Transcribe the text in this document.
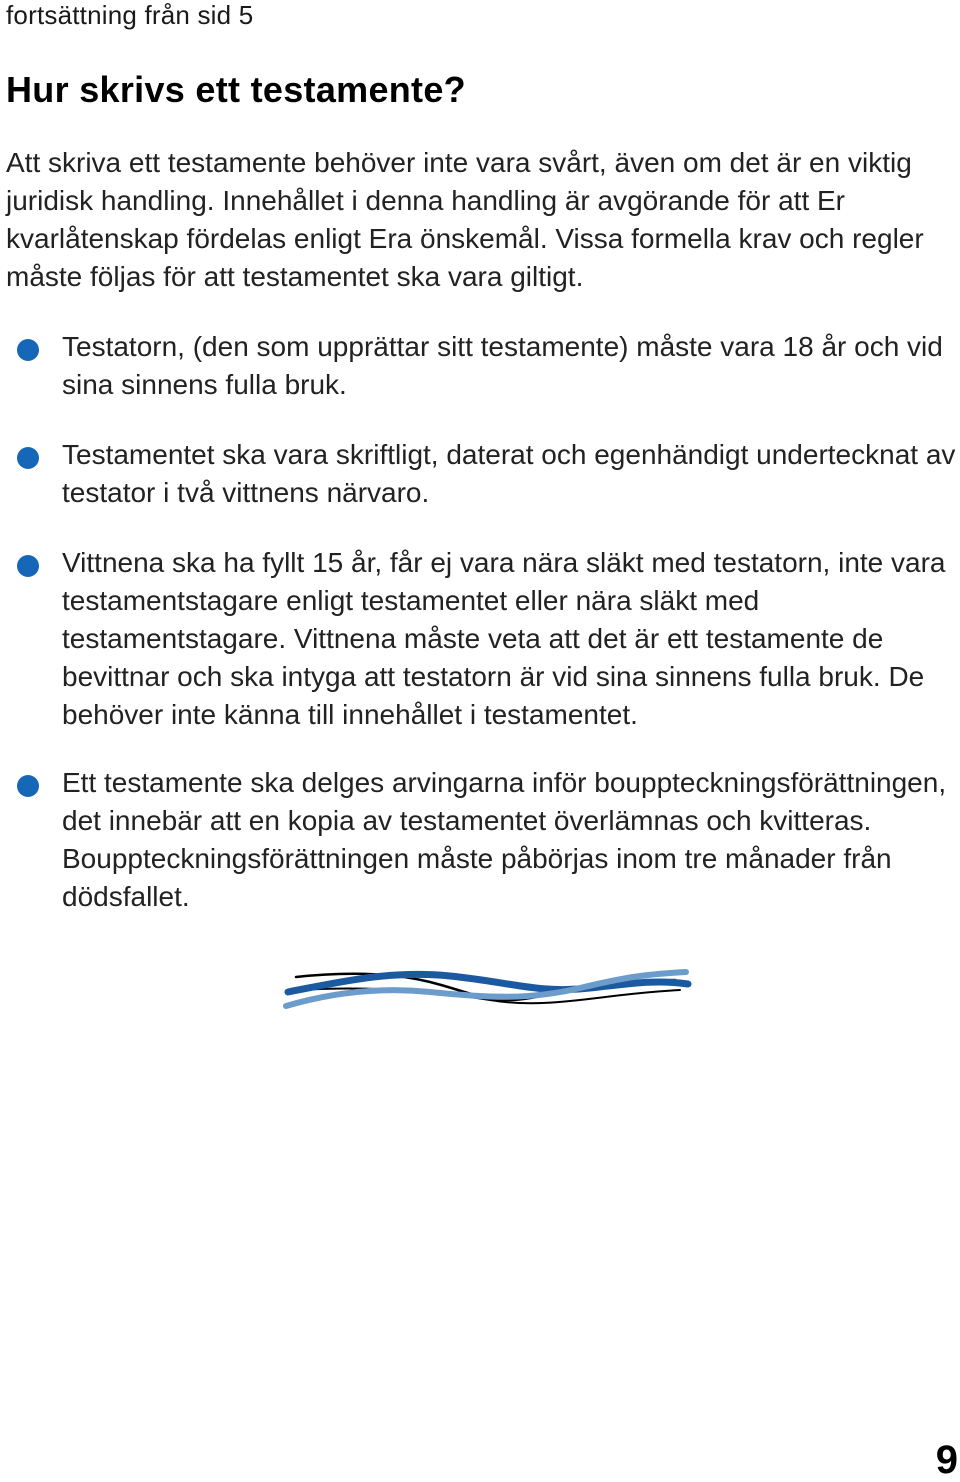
fortsättning från sid 5
Hur skrivs ett testamente?

Att skriva ett testamente behöver inte vara svårt, även om det är en viktig juridisk handling. Innehållet i denna handling är avgörande för att Er kvarlåtenskap fördelas enligt Era önskemål. Vissa formella krav och regler måste följas för att testamentet ska vara giltigt.

Testatorn, (den som upprättar sitt testamente) måste vara 18 år och vid sina sinnens fulla bruk.

Testamentet ska vara skriftligt, daterat och egenhändigt undertecknat av testator i två vittnens närvaro.

Vittnena ska ha fyllt 15 år, får ej vara nära släkt med testatorn, inte vara testamentstagare enligt testamentet eller nära släkt med testamentstagare. Vittnena måste veta att det är ett testamente de bevittnar och ska intyga att testatorn är vid sina sinnens fulla bruk. De behöver inte känna till innehållet i testamentet.

Ett testamente ska delges arvingarna inför bouppteckningsförättningen, det innebär att en kopia av testamentet överlämnas och kvitteras. Bouppteckningsförättningen måste påbörjas inom tre månader från dödsfallet.

9
